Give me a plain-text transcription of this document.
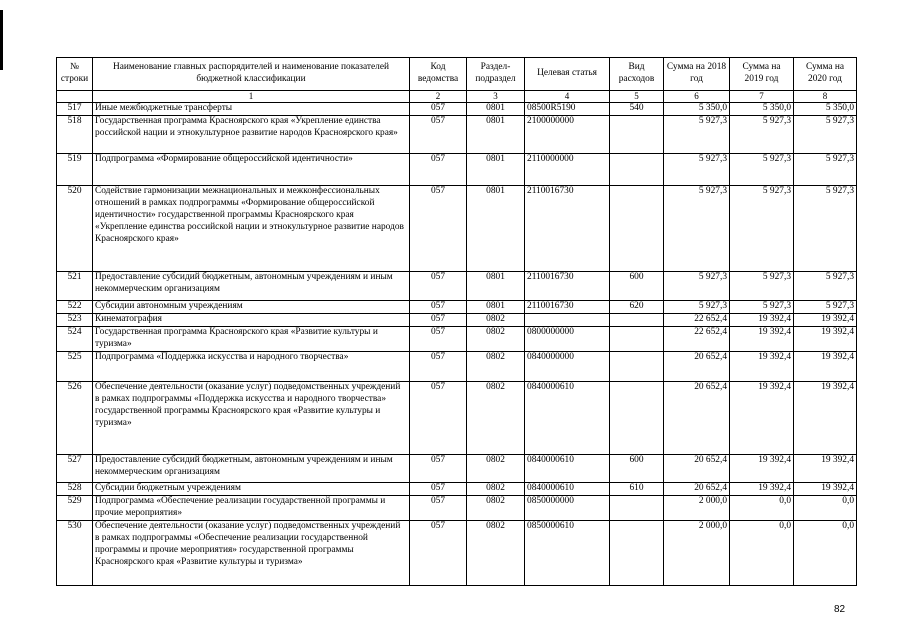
№ строки	Наименование главных распорядителей и наименование показателей бюджетной классификации	Код ведомства	Раздел-подраздел	Целевая статья	Вид расходов	Сумма на 2018 год	Сумма на 2019 год	Сумма на 2020 год
	1	2	3	4	5	6	7	8
517	Иные межбюджетные трансферты	057	0801	08500R5190	540	5 350,0	5 350,0	5 350,0
518	Государственная программа Красноярского края «Укрепление единства российской нации и этнокультурное развитие народов Красноярского края»	057	0801	2100000000		5 927,3	5 927,3	5 927,3
519	Подпрограмма «Формирование общероссийской идентичности»	057	0801	2110000000		5 927,3	5 927,3	5 927,3
520	Содействие гармонизации межнациональных и межконфессиональных отношений в рамках подпрограммы «Формирование общероссийской идентичности» государственной программы Красноярского края «Укрепление единства российской нации и этнокультурное развитие народов Красноярского края»	057	0801	2110016730		5 927,3	5 927,3	5 927,3
521	Предоставление субсидий бюджетным, автономным учреждениям и иным некоммерческим организациям	057	0801	2110016730	600	5 927,3	5 927,3	5 927,3
522	Субсидии автономным учреждениям	057	0801	2110016730	620	5 927,3	5 927,3	5 927,3
523	Кинематография	057	0802			22 652,4	19 392,4	19 392,4
524	Государственная программа Красноярского края «Развитие культуры и туризма»	057	0802	0800000000		22 652,4	19 392,4	19 392,4
525	Подпрограмма «Поддержка искусства и народного творчества»	057	0802	0840000000		20 652,4	19 392,4	19 392,4
526	Обеспечение деятельности (оказание услуг) подведомственных учреждений в рамках подпрограммы «Поддержка искусства и народного творчества» государственной программы Красноярского края «Развитие культуры и туризма»	057	0802	0840000610		20 652,4	19 392,4	19 392,4
527	Предоставление субсидий бюджетным, автономным учреждениям и иным некоммерческим организациям	057	0802	0840000610	600	20 652,4	19 392,4	19 392,4
528	Субсидии бюджетным учреждениям	057	0802	0840000610	610	20 652,4	19 392,4	19 392,4
529	Подпрограмма «Обеспечение реализации государственной программы и прочие мероприятия»	057	0802	0850000000		2 000,0	0,0	0,0
530	Обеспечение деятельности (оказание услуг) подведомственных учреждений в рамках подпрограммы «Обеспечение реализации государственной программы и прочие мероприятия» государственной программы Красноярского края «Развитие культуры и туризма»	057	0802	0850000610		2 000,0	0,0	0,0
82
